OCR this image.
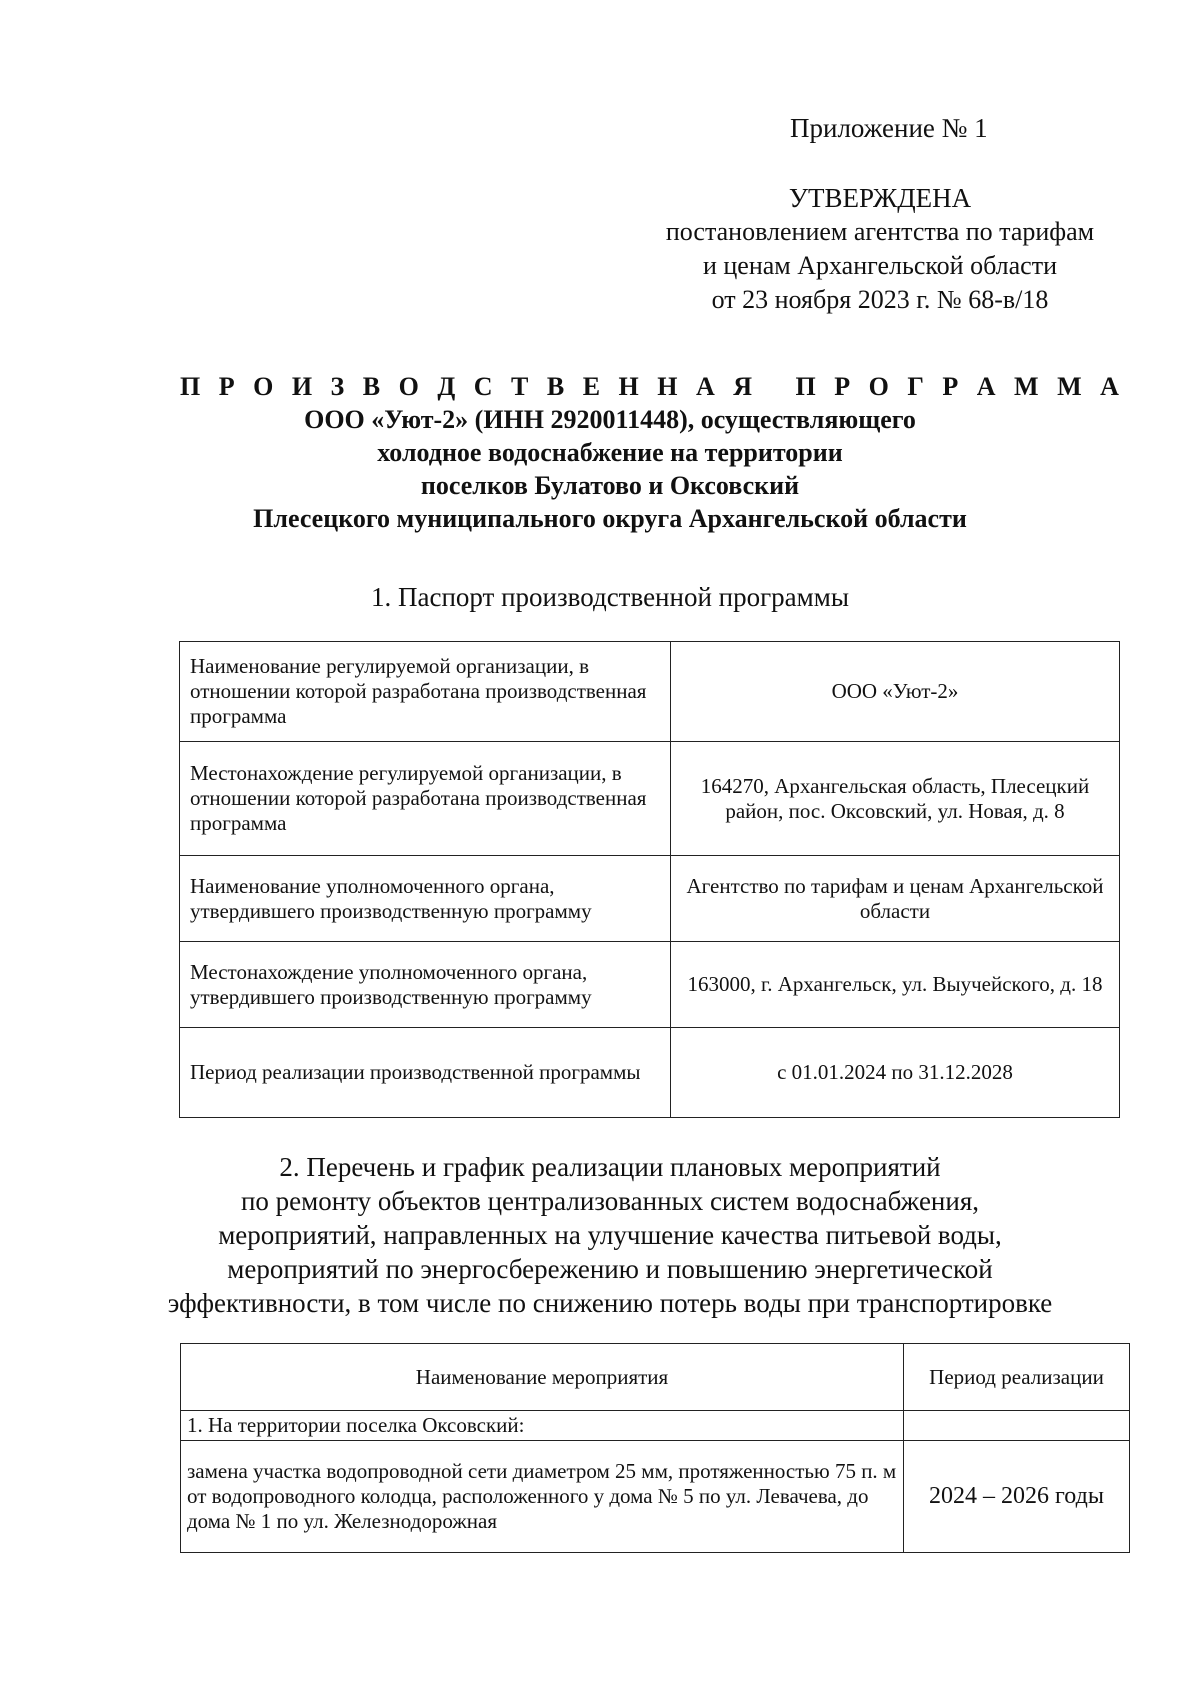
Приложение № 1
УТВЕРЖДЕНА
постановлением агентства по тарифам
и ценам Архангельской области
от 23 ноября 2023 г. № 68-в/18
П Р О И З В О Д С Т В Е Н Н А Я   П Р О Г Р А М М А
ООО «Уют-2» (ИНН 2920011448), осуществляющего
холодное водоснабжение на территории
поселков Булатово и Оксовский
Плесецкого муниципального округа Архангельской области
1. Паспорт производственной программы
Наименование регулируемой организации, в отношении которой разработана производственная программа	ООО «Уют-2»
Местонахождение регулируемой организации, в отношении которой разработана производственная программа	164270, Архангельская область, Плесецкий район, пос. Оксовский, ул. Новая, д. 8
Наименование уполномоченного органа, утвердившего производственную программу	Агентство по тарифам и ценам Архангельской области
Местонахождение уполномоченного органа, утвердившего производственную программу	163000, г. Архангельск, ул. Выучейского, д. 18
Период реализации производственной программы	с 01.01.2024 по 31.12.2028
2. Перечень и график реализации плановых мероприятий
по ремонту объектов централизованных систем водоснабжения,
мероприятий, направленных на улучшение качества питьевой воды,
мероприятий по энергосбережению и повышению энергетической
эффективности, в том числе по снижению потерь воды при транспортировке
Наименование мероприятия	Период реализации
1. На территории поселка Оксовский:	
замена участка водопроводной сети диаметром 25 мм, протяженностью 75 п. м от водопроводного колодца, расположенного у дома № 5 по ул. Левачева, до дома № 1 по ул. Железнодорожная	2024 – 2026 годы
